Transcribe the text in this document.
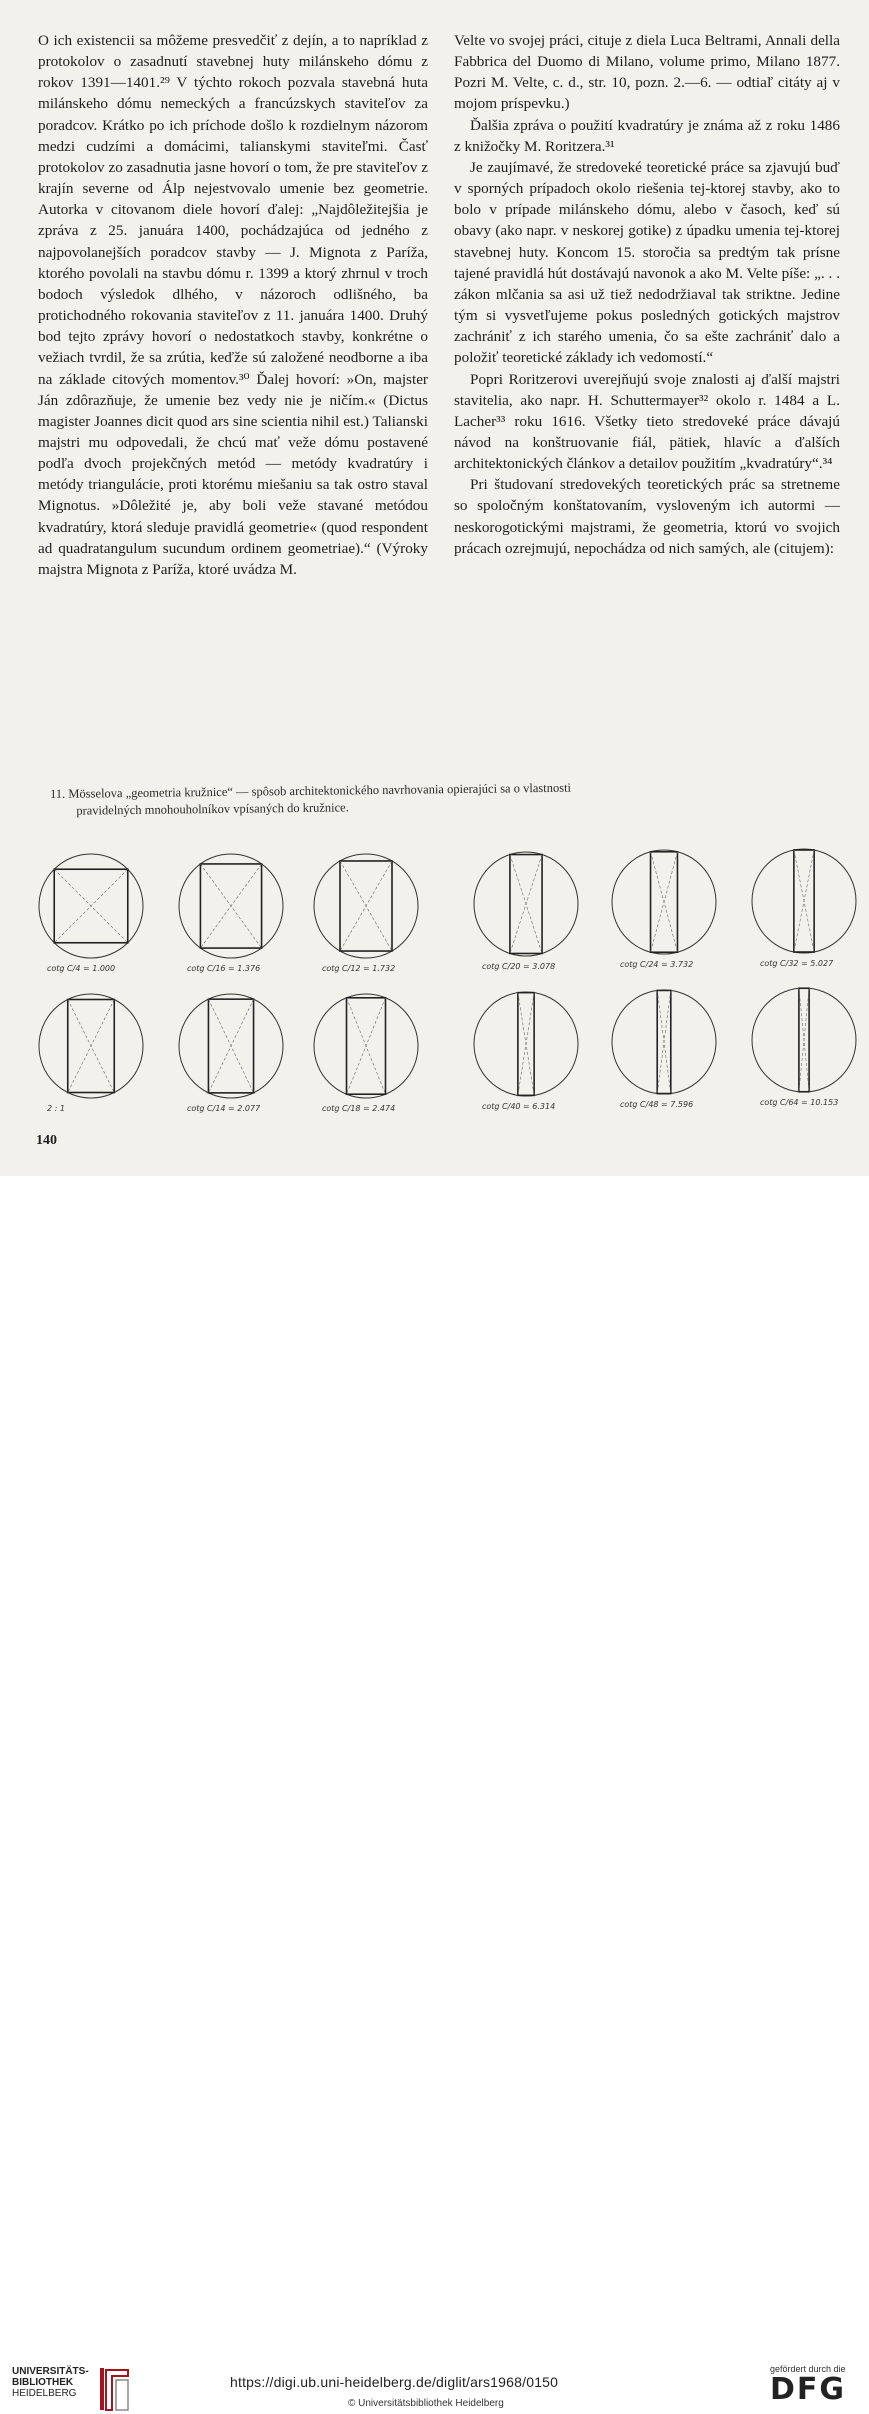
O ich existencii sa môžeme presvedčiť z dejín, a to napríklad z protokolov o zasadnutí stavebnej huty milánskeho dómu z rokov 1391—1401.²⁹ V týchto rokoch pozvala stavebná huta milánskeho dómu nemeckých a francúzskych staviteľov za poradcov. Krátko po ich príchode došlo k rozdielnym názorom medzi cudzími a domácimi, talianskymi staviteľmi. Časť protokolov zo zasadnutia jasne hovorí o tom, že pre staviteľov z krajín severne od Álp nejestvovalo umenie bez geometrie. Autorka v citovanom diele hovorí ďalej: „Najdôležitejšia je zpráva z 25. januára 1400, pochádzajúca od jedného z najpovolanejších poradcov stavby — J. Mignota z Paríža, ktorého povolali na stavbu dómu r. 1399 a ktorý zhrnul v troch bodoch výsledok dlhého, v názoroch odlišného, ba protichodného rokovania staviteľov z 11. januára 1400. Druhý bod tejto zprávy hovorí o nedostatkoch stavby, konkrétne o vežiach tvrdil, že sa zrútia, keďže sú založené neodborne a iba na základe citových momentov.³⁰ Ďalej hovorí: »On, majster Ján zdôrazňuje, že umenie bez vedy nie je ničím.« (Dictus magister Joannes dicit quod ars sine scientia nihil est.) Talianski majstri mu odpovedali, že chcú mať veže dómu postavené podľa dvoch projekčných metód — metódy kvadratúry i metódy triangulácie, proti ktorému miešaniu sa tak ostro staval Mignotus. »Dôležité je, aby boli veže stavané metódou kvadratúry, ktorá sleduje pravidlá geometrie« (quod respondent ad quadratangulum sucundum ordinem geometriae).“ (Výroky majstra Mignota z Paríža, ktoré uvádza M.

Velte vo svojej práci, cituje z diela Luca Beltrami, Annali della Fabbrica del Duomo di Milano, volume primo, Milano 1877. Pozri M. Velte, c. d., str. 10, pozn. 2.—6. — odtiaľ citáty aj v mojom príspevku.)

Ďalšia zpráva o použití kvadratúry je známa až z roku 1486 z knižočky M. Roritzera.³¹

Je zaujímavé, že stredoveké teoretické práce sa zjavujú buď v sporných prípadoch okolo riešenia tej-ktorej stavby, ako to bolo v prípade milánskeho dómu, alebo v časoch, keď sú obavy (ako napr. v neskorej gotike) z úpadku umenia tej-ktorej stavebnej huty. Koncom 15. storočia sa predtým tak prísne tajené pravidlá hút dostávajú navonok a ako M. Velte píše: „. . . zákon mlčania sa asi už tiež nedodržiaval tak striktne. Jedine tým si vysvetľujeme pokus posledných gotických majstrov zachrániť z ich starého umenia, čo sa ešte zachrániť dalo a položiť teoretické základy ich vedomostí.“

Popri Roritzerovi uverejňujú svoje znalosti aj ďalší majstri stavitelia, ako napr. H. Schuttermayer³² okolo r. 1484 a L. Lacher³³ roku 1616. Všetky tieto stredoveké práce dávajú návod na konštruovanie fiál, pätiek, hlavíc a ďalších architektonických článkov a detailov použitím „kvadratúry“.³⁴

Pri študovaní stredovekých teoretických prác sa stretneme so spoločným konštatovaním, vysloveným ich autormi — neskorogotickými majstrami, že geometria, ktorú vo svojich prácach ozrejmujú, nepochádza od nich samých, ale (citujem):

11. Mösselova „geometria kružnice“ — spôsob architektonického navrhovania opierajúci sa o vlastnosti
pravidelných mnohouholníkov vpísaných do kružnice.
cotg C/4 = 1.000	cotg C/16 = 1.376	cotg C/12 = 1.732	cotg C/20 = 3.078	cotg C/24 = 3.732	cotg C/32 = 5.027
2 : 1	cotg C/14 = 2.077	cotg C/18 = 2.474	cotg C/40 = 6.314	cotg C/48 = 7.596	cotg C/64 = 10.153
140
UNIVERSITÄTS-
BIBLIOTHEK
HEIDELBERG
https://digi.ub.uni-heidelberg.de/diglit/ars1968/0150
© Universitätsbibliothek Heidelberg
gefördert durch die
DFG
